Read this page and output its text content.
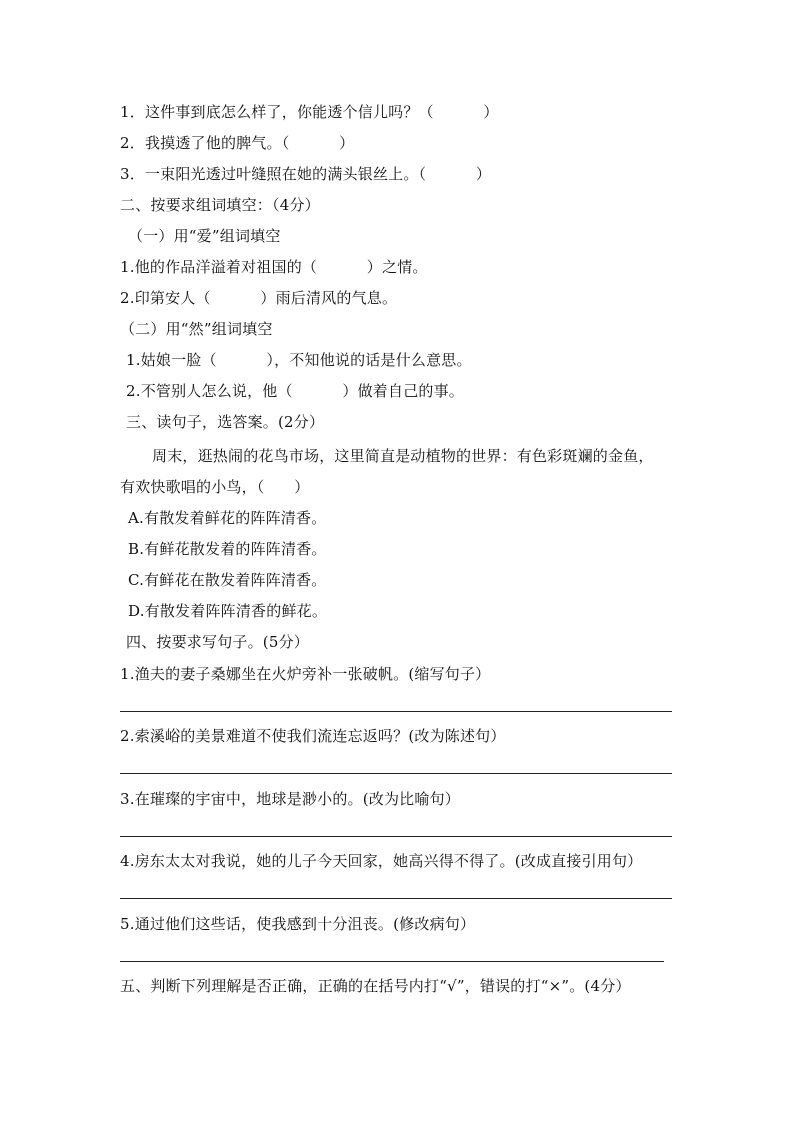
1．这件事到底怎么样了，你能透个信儿吗？（          ）
2．我摸透了他的脾气。（          ）
3．一束阳光透过叶缝照在她的满头银丝上。（          ）
二、按要求组词填空：（4分）
（一）用“爱”组词填空
1.他的作品洋溢着对祖国的（          ）之情。
2.印第安人（          ）雨后清风的气息。
（二）用“然”组词填空
1.姑娘一脸（          ），不知他说的话是什么意思。
2.不管别人怎么说，他（          ）做着自己的事。
三、读句子，选答案。(2分）
周末，逛热闹的花鸟市场，这里简直是动植物的世界：有色彩斑斓的金鱼，
有欢快歌唱的小鸟，（      ）
A.有散发着鲜花的阵阵清香。
B.有鲜花散发着的阵阵清香。
C.有鲜花在散发着阵阵清香。
D.有散发着阵阵清香的鲜花。
四、按要求写句子。(5分）
1.渔夫的妻子桑娜坐在火炉旁补一张破帆。(缩写句子）
2.索溪峪的美景难道不使我们流连忘返吗？(改为陈述句）
3.在璀璨的宇宙中，地球是渺小的。(改为比喻句）
4.房东太太对我说，她的儿子今天回家，她高兴得不得了。(改成直接引用句）
5.通过他们这些话，使我感到十分沮丧。(修改病句）
五、判断下列理解是否正确，正确的在括号内打“√”，错误的打“×”。(4分）
